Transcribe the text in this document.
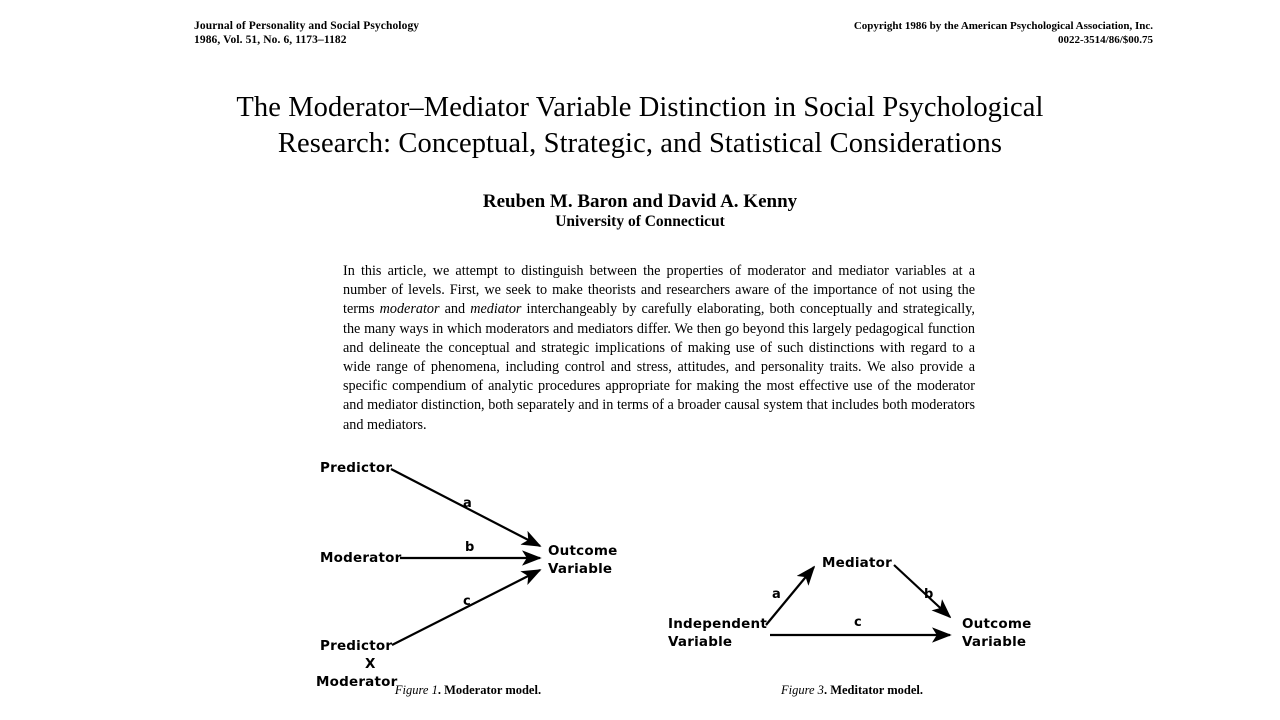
Journal of Personality and Social Psychology
1986, Vol. 51, No. 6, 1173–1182
Copyright 1986 by the American Psychological Association, Inc.
0022-3514/86/$00.75
The Moderator–Mediator Variable Distinction in Social Psychological
Research: Conceptual, Strategic, and Statistical Considerations
Reuben M. Baron and David A. Kenny
University of Connecticut
In this article, we attempt to distinguish between the properties of moderator and mediator variables at a number of levels. First, we seek to make theorists and researchers aware of the importance of not using the terms moderator and mediator interchangeably by carefully elaborating, both conceptually and strategically, the many ways in which moderators and mediators differ. We then go beyond this largely pedagogical function and delineate the conceptual and strategic implications of making use of such distinctions with regard to a wide range of phenomena, including control and stress, attitudes, and personality traits. We also provide a specific compendium of analytic procedures appropriate for making the most effective use of the moderator and mediator distinction, both separately and in terms of a broader causal system that includes both moderators and mediators.
Predictor
Moderator
Predictor
X
Moderator
Outcome
Variable
a
b
c
Figure 1. Moderator model.
Independent
Variable
Mediator
Outcome
Variable
a	b
c
Figure 3. Meditator model.
